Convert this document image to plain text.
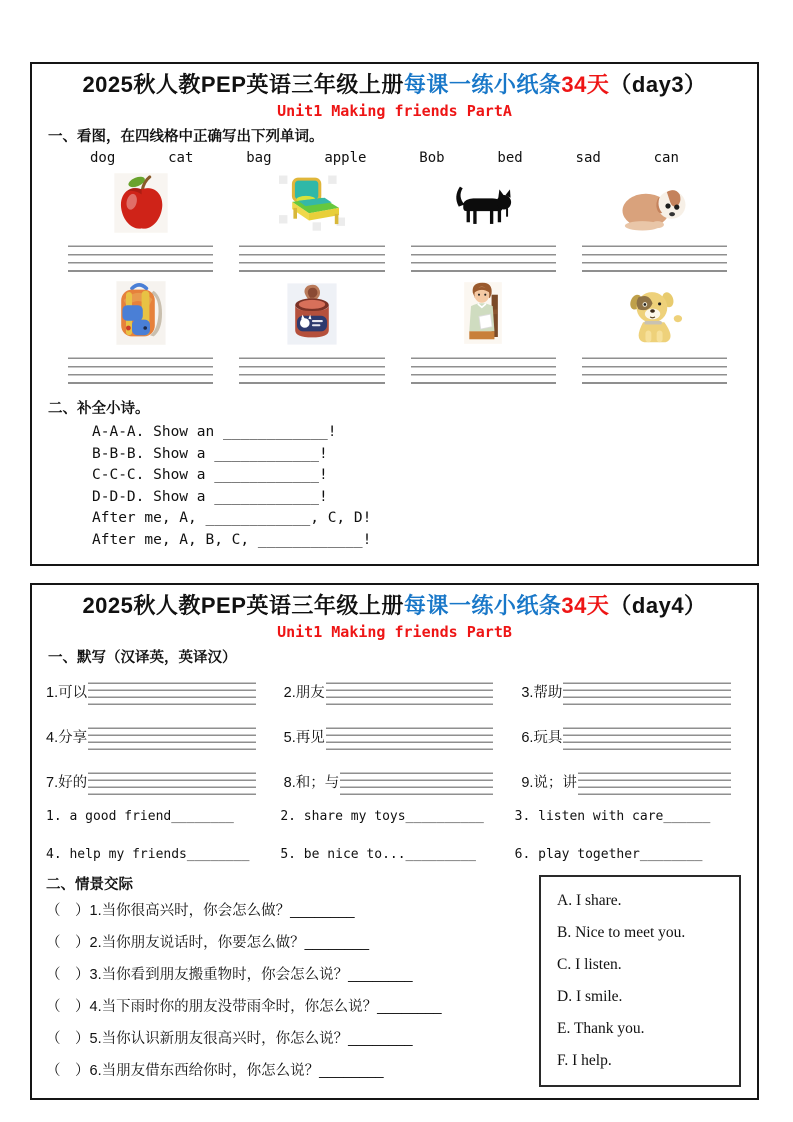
2025秋人教PEP英语三年级上册每课一练小纸条34天（day3）
Unit1 Making friends PartA
一、看图，在四线格中正确写出下列单词。
dog	cat	bag	apple	Bob	bed	sad	can
二、补全小诗。
A-A-A. Show an ____________!
B-B-B. Show a ____________!
C-C-C. Show a ____________!
D-D-D. Show a ____________!
After me, A, ____________, C, D!
After me, A, B, C, ____________!
2025秋人教PEP英语三年级上册每课一练小纸条34天（day4）
Unit1 Making friends PartB
一、默写（汉译英，英译汉）
1.可以	2.朋友	3.帮助
4.分享	5.再见	6.玩具
7.好的	8.和；与	9.说；讲
1. a good friend________	2. share my toys__________	3. listen with care______
4. help my friends________	5. be nice to..._________	6. play together________
二、情景交际
（　）1.当你很高兴时，你会怎么做？________
（　）2.当你朋友说话时，你要怎么做？________
（　）3.当你看到朋友搬重物时，你会怎么说？________
（　）4.当下雨时你的朋友没带雨伞时，你怎么说？________
（　）5.当你认识新朋友很高兴时，你怎么说？________
（　）6.当朋友借东西给你时，你怎么说？________
A. I share.
B. Nice to meet you.
C. I listen.
D. I smile.
E. Thank you.
F. I help.
